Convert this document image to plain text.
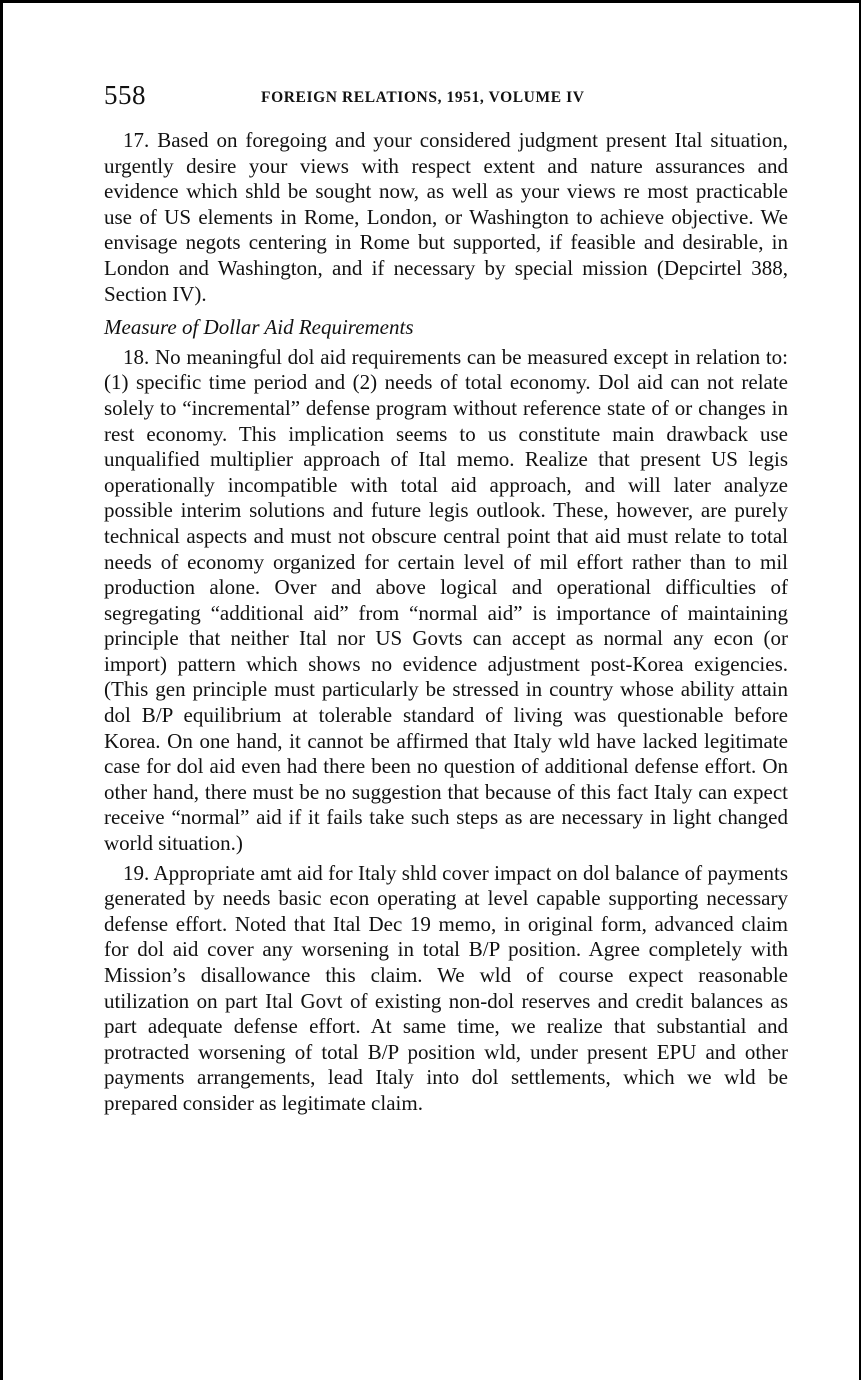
558	FOREIGN RELATIONS, 1951, VOLUME IV

17. Based on foregoing and your considered judgment present Ital situation, urgently desire your views with respect extent and nature assurances and evidence which shld be sought now, as well as your views re most practicable use of US elements in Rome, London, or Washington to achieve objective. We envisage negots centering in Rome but supported, if feasible and desirable, in London and Washington, and if necessary by special mission (Depcirtel 388, Section IV).

Measure of Dollar Aid Requirements

18. No meaningful dol aid requirements can be measured except in relation to: (1) specific time period and (2) needs of total economy. Dol aid can not relate solely to “incremental” defense program without reference state of or changes in rest economy. This implication seems to us constitute main drawback use unqualified multiplier approach of Ital memo. Realize that present US legis operationally incompatible with total aid approach, and will later analyze possible interim solutions and future legis outlook. These, however, are purely technical aspects and must not obscure central point that aid must relate to total needs of economy organized for certain level of mil effort rather than to mil production alone. Over and above logical and operational difficulties of segregating “additional aid” from “normal aid” is importance of maintaining principle that neither Ital nor US Govts can accept as normal any econ (or import) pattern which shows no evidence adjustment post-Korea exigencies. (This gen principle must particularly be stressed in country whose ability attain dol B/P equilibrium at tolerable standard of living was questionable before Korea. On one hand, it cannot be affirmed that Italy wld have lacked legitimate case for dol aid even had there been no question of additional defense effort. On other hand, there must be no suggestion that because of this fact Italy can expect receive “normal” aid if it fails take such steps as are necessary in light changed world situation.)

19. Appropriate amt aid for Italy shld cover impact on dol balance of payments generated by needs basic econ operating at level capable supporting necessary defense effort. Noted that Ital Dec 19 memo, in original form, advanced claim for dol aid cover any worsening in total B/P position. Agree completely with Mission’s disallowance this claim. We wld of course expect reasonable utilization on part Ital Govt of existing non-dol reserves and credit balances as part adequate defense effort. At same time, we realize that substantial and protracted worsening of total B/P position wld, under present EPU and other payments arrangements, lead Italy into dol settlements, which we wld be prepared consider as legitimate claim.
